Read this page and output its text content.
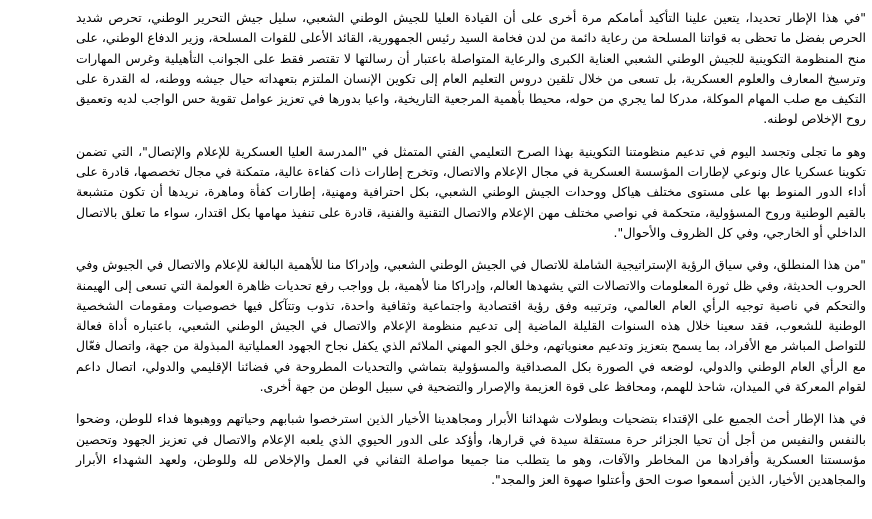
"في هذا الإطار تحديدا، يتعين علينا التأكيد أمامكم مرة أخرى على أن القيادة العليا للجيش الوطني الشعبي، سليل جيش التحرير الوطني، تحرص شديد الحرص بفضل ما تحظى به قواتنا المسلحة من رعاية دائمة من لدن فخامة السيد رئيس الجمهورية، القائد الأعلى للقوات المسلحة، وزير الدفاع الوطني، على منح المنظومة التكوينية للجيش الوطني الشعبي العناية الكبرى والرعاية المتواصلة باعتبار أن رسالتها لا تقتصر فقط على الجوانب التأهيلية وغرس المهارات وترسيخ المعارف والعلوم العسكرية، بل تسعى من خلال تلقين دروس التعليم العام إلى تكوين الإنسان الملتزم بتعهداته حيال جيشه ووطنه، له القدرة على التكيف مع صلب المهام الموكلة، مدركا لما يجري من حوله، محيطا بأهمية المرجعية التاريخية، واعيا بدورها في تعزيز عوامل تقوية حس الواجب لديه وتعميق روح الإخلاص لوطنه.

وهو ما تجلى وتجسد اليوم في تدعيم منظومتنا التكوينية بهذا الصرح التعليمي الفتي المتمثل في "المدرسة العليا العسكرية للإعلام والإتصال"، التي تضمن تكوينا عسكريا عال ونوعي لإطارات المؤسسة العسكرية في مجال الإعلام والاتصال، وتخرج إطارات ذات كفاءة عالية، متمكنة في مجال تخصصها، قادرة على أداء الدور المنوط بها على مستوى مختلف هياكل ووحدات الجيش الوطني الشعبي، بكل احترافية ومهنية، إطارات كفأة وماهرة، نريدها أن تكون متشبعة بالقيم الوطنية وروح المسؤولية، متحكمة في نواصي مختلف مهن الإعلام والاتصال التقنية والفنية، قادرة على تنفيذ مهامها بكل اقتدار، سواء ما تعلق بالاتصال الداخلي أو الخارجي، وفي كل الظروف والأحوال".

"من هذا المنطلق، وفي سياق الرؤية الإستراتيجية الشاملة للاتصال في الجيش الوطني الشعبي، وإدراكا منا للأهمية البالغة للإعلام والاتصال في الجيوش وفي الحروب الحديثة، وفي ظل ثورة المعلومات والاتصالات التي يشهدها العالم، وإدراكا منا لأهمية، بل وواجب رفع تحديات ظاهرة العولمة التي تسعى إلى الهيمنة والتحكم في ناصية توجيه الرأي العام العالمي، وترتيبه وفق رؤية اقتصادية واجتماعية وثقافية واحدة، تذوب وتتآكل فيها خصوصيات ومقومات الشخصية الوطنية للشعوب، فقد سعينا خلال هذه السنوات القليلة الماضية إلى تدعيم منظومة الإعلام والاتصال في الجيش الوطني الشعبي، باعتباره أداة فعالة للتواصل المباشر مع الأفراد، بما يسمح بتعزيز وتدعيم معنوياتهم، وخلق الجو المهني الملائم الذي يكفل نجاح الجهود العملياتية المبذولة من جهة، واتصال فعّال مع الرأي العام الوطني والدولي، لوضعه في الصورة بكل المصداقية والمسؤولية بتماشي والتحديات المطروحة في فضائنا الإقليمي والدولي، اتصال داعم لقوام المعركة في الميدان، شاحذ للهمم، ومحافظ على قوة العزيمة والإصرار والتضحية في سبيل الوطن من جهة أخرى.

في هذا الإطار أحث الجميع على الإقتداء بتضحيات وبطولات شهدائنا الأبرار ومجاهدينا الأخيار الذين استرخصوا شبابهم وحياتهم ووهبوها فداء للوطن، وضحوا بالنفس والنفيس من أجل أن تحيا الجزائر حرة مستقلة سيدة في قرارها، وأؤكد على الدور الحيوي الذي يلعبه الإعلام والاتصال في تعزيز الجهود وتحصين مؤسستنا العسكرية وأفرادها من المخاطر والآفات، وهو ما يتطلب منا جميعا مواصلة التفاني في العمل والإخلاص لله وللوطن، ولعهد الشهداء الأبرار والمجاهدين الأخيار، الذين أسمعوا صوت الحق وأعتلوا صهوة العز والمجد".
